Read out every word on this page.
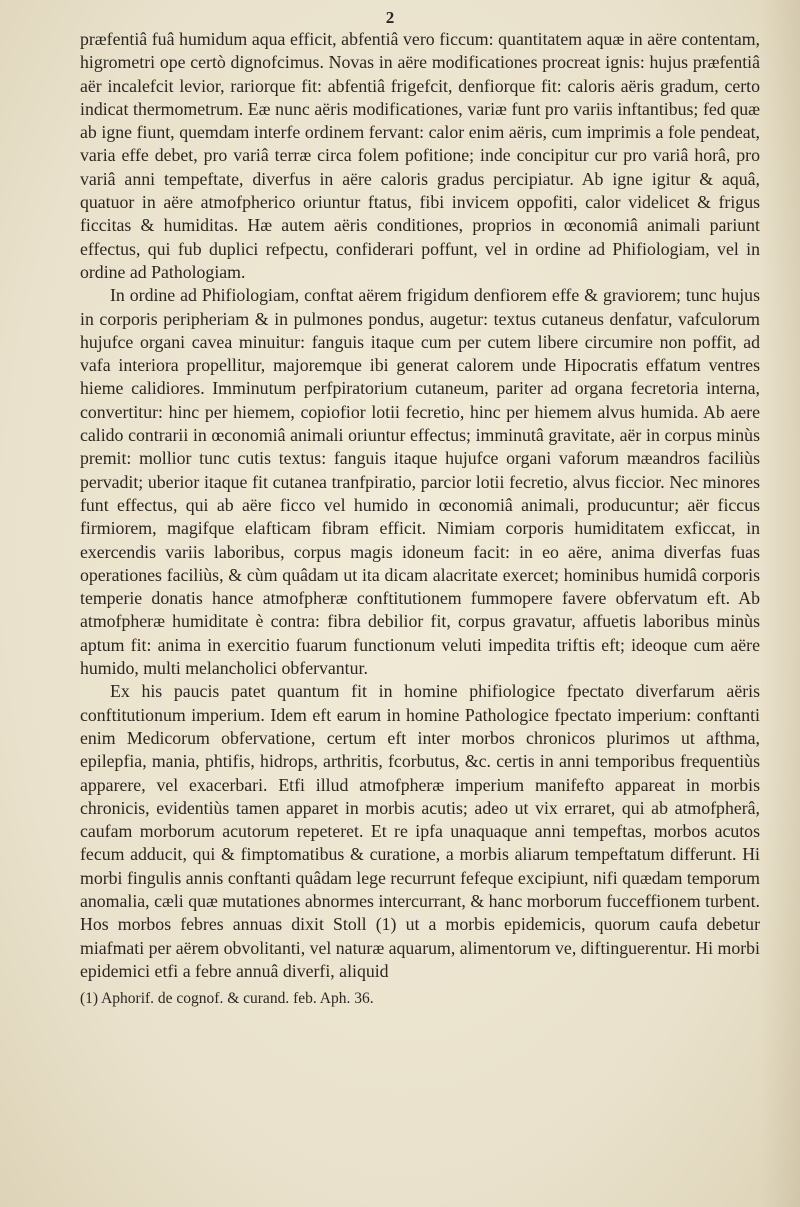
2

præfentiâ fuâ humidum aqua efficit, abfentiâ vero ficcum: quantitatem aquæ in aëre contentam, higrometri ope certò dignofcimus. Novas in aëre modificationes procreat ignis: hujus præfentiâ aër incalefcit levior, rariorque fit: abfentiâ frigefcit, denfiorque fit: caloris aëris gradum, certo indicat thermometrum. Eæ nunc aëris modificationes, variæ funt pro variis inftantibus; fed quæ ab igne fiunt, quemdam interfe ordinem fervant: calor enim aëris, cum imprimis a fole pendeat, varia effe debet, pro variâ terræ circa folem pofitione; inde concipitur cur pro variâ horâ, pro variâ anni tempeftate, diverfus in aëre caloris gradus percipiatur. Ab igne igitur & aquâ, quatuor in aëre atmofpherico oriuntur ftatus, fibi invicem oppofiti, calor videlicet & frigus ficcitas & humiditas. Hæ autem aëris conditiones, proprios in œconomiâ animali pariunt effectus, qui fub duplici refpectu, confiderari poffunt, vel in ordine ad Phifiologiam, vel in ordine ad Pathologiam.

In ordine ad Phifiologiam, conftat aërem frigidum denfiorem effe & graviorem; tunc hujus in corporis peripheriam & in pulmones pondus, augetur: textus cutaneus denfatur, vafculorum hujufce organi cavea minuitur: fanguis itaque cum per cutem libere circumire non poffit, ad vafa interiora propellitur, majoremque ibi generat calorem unde Hipocratis effatum ventres hieme calidiores. Imminutum perfpiratorium cutaneum, pariter ad organa fecretoria interna, convertitur: hinc per hiemem, copiofior lotii fecretio, hinc per hiemem alvus humida. Ab aere calido contrarii in œconomiâ animali oriuntur effectus; imminutâ gravitate, aër in corpus minùs premit: mollior tunc cutis textus: fanguis itaque hujufce organi vaforum mæandros faciliùs pervadit; uberior itaque fit cutanea tranfpiratio, parcior lotii fecretio, alvus ficcior. Nec minores funt effectus, qui ab aëre ficco vel humido in œconomiâ animali, producuntur; aër ficcus firmiorem, magifque elafticam fibram efficit. Nimiam corporis humiditatem exficcat, in exercendis variis laboribus, corpus magis idoneum facit: in eo aëre, anima diverfas fuas operationes faciliùs, & cùm quâdam ut ita dicam alacritate exercet; hominibus humidâ corporis temperie donatis hance atmofpheræ conftitutionem fummopere favere obfervatum eft. Ab atmofpheræ humiditate è contra: fibra debilior fit, corpus gravatur, affuetis laboribus minùs aptum fit: anima in exercitio fuarum functionum veluti impedita triftis eft; ideoque cum aëre humido, multi melancholici obfervantur.

Ex his paucis patet quantum fit in homine phifiologice fpectato diverfarum aëris conftitutionum imperium. Idem eft earum in homine Pathologice fpectato imperium: conftanti enim Medicorum obfervatione, certum eft inter morbos chronicos plurimos ut afthma, epilepfia, mania, phtifis, hidrops, arthritis, fcorbutus, &c. certis in anni temporibus frequentiùs apparere, vel exacerbari. Etfi illud atmofpheræ imperium manifefto appareat in morbis chronicis, evidentiùs tamen apparet in morbis acutis; adeo ut vix erraret, qui ab atmofpherâ, caufam morborum acutorum repeteret. Et re ipfa unaquaque anni tempeftas, morbos acutos fecum adducit, qui & fimptomatibus & curatione, a morbis aliarum tempeftatum differunt. Hi morbi fingulis annis conftanti quâdam lege recurrunt fefeque excipiunt, nifi quædam temporum anomalia, cæli quæ mutationes abnormes intercurrant, & hanc morborum fucceffionem turbent. Hos morbos febres annuas dixit Stoll (1) ut a morbis epidemicis, quorum caufa debetur miafmati per aërem obvolitanti, vel naturæ aquarum, alimentorum ve, diftinguerentur. Hi morbi epidemici etfi a febre annuâ diverfi, aliquid

(1) Aphorif. de cognof. & curand. feb. Aph. 36.
